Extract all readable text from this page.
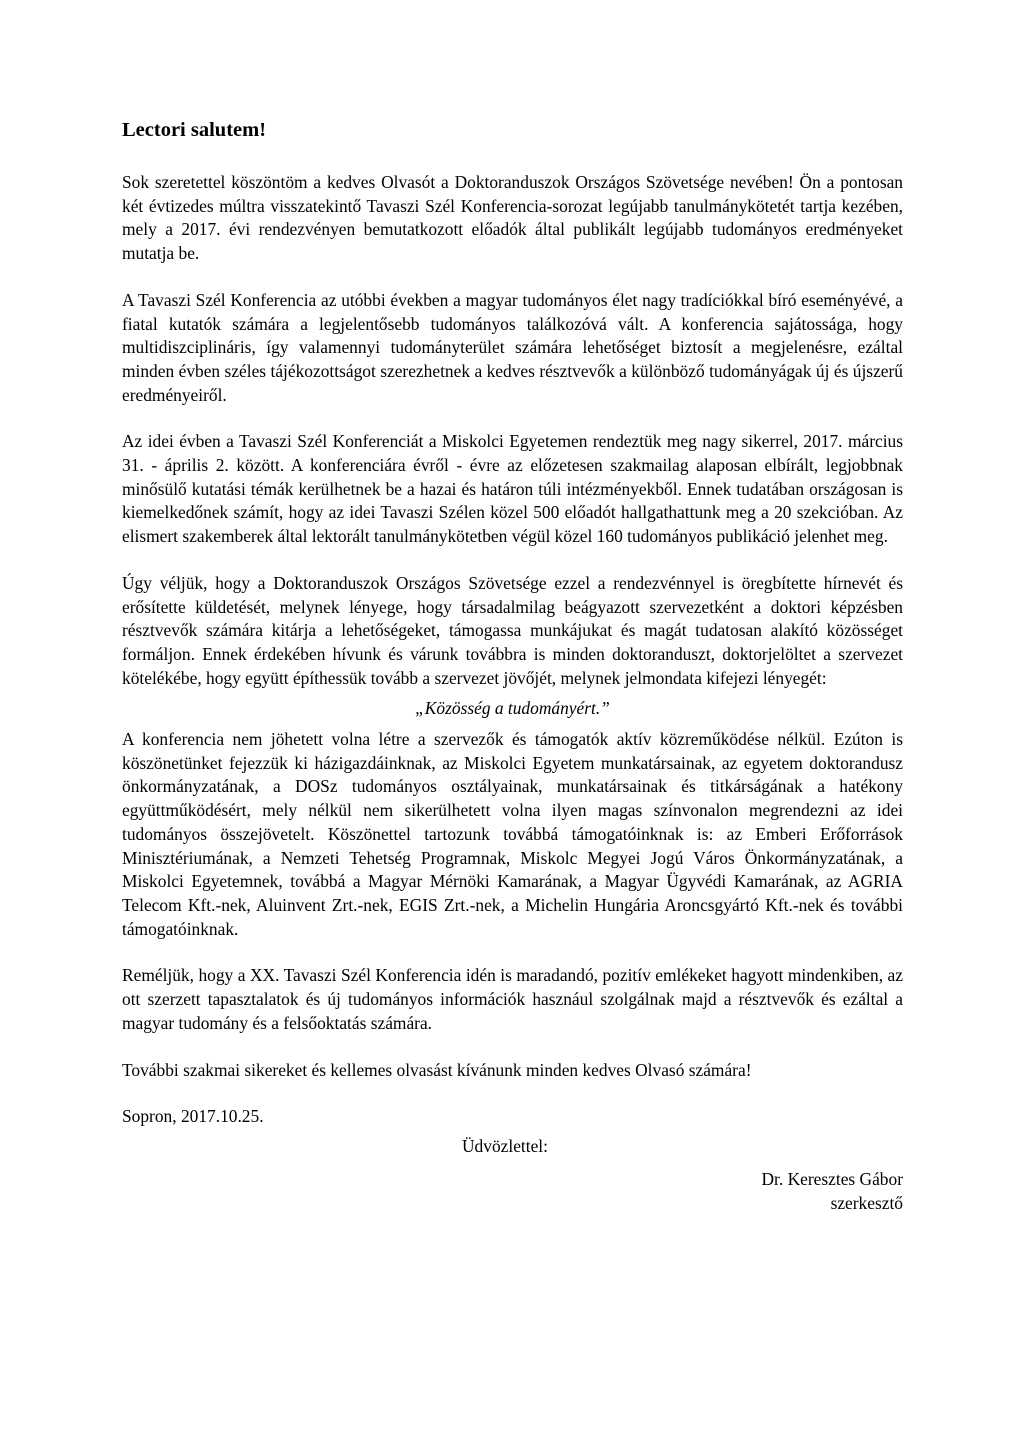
Lectori salutem!

Sok szeretettel köszöntöm a kedves Olvasót a Doktoranduszok Országos Szövetsége nevében! Ön a pontosan két évtizedes múltra visszatekintő Tavaszi Szél Konferencia-sorozat legújabb tanulmánykötetét tartja kezében, mely a 2017. évi rendezvényen bemutatkozott előadók által publikált legújabb tudományos eredményeket mutatja be.

A Tavaszi Szél Konferencia az utóbbi években a magyar tudományos élet nagy tradíciókkal bíró eseményévé, a fiatal kutatók számára a legjelentősebb tudományos találkozóvá vált. A konferencia sajátossága, hogy multidiszciplináris, így valamennyi tudományterület számára lehetőséget biztosít a megjelenésre, ezáltal minden évben széles tájékozottságot szerezhetnek a kedves résztvevők a különböző tudományágak új és újszerű eredményeiről.

Az idei évben a Tavaszi Szél Konferenciát a Miskolci Egyetemen rendeztük meg nagy sikerrel, 2017. március 31. - április 2. között. A konferenciára évről - évre az előzetesen szakmailag alaposan elbírált, legjobbnak minősülő kutatási témák kerülhetnek be a hazai és határon túli intézményekből. Ennek tudatában országosan is kiemelkedőnek számít, hogy az idei Tavaszi Szélen közel 500 előadót hallgathattunk meg a 20 szekcióban. Az elismert szakemberek által lektorált tanulmánykötetben végül közel 160 tudományos publikáció jelenhet meg.

Úgy véljük, hogy a Doktoranduszok Országos Szövetsége ezzel a rendezvénnyel is öregbítette hírnevét és erősítette küldetését, melynek lényege, hogy társadalmilag beágyazott szervezetként a doktori képzésben résztvevők számára kitárja a lehetőségeket, támogassa munkájukat és magát tudatosan alakító közösséget formáljon. Ennek érdekében hívunk és várunk továbbra is minden doktoranduszt, doktorjelöltet a szervezet kötelékébe, hogy együtt építhessük tovább a szervezet jövőjét, melynek jelmondata kifejezi lényegét:

„Közösség a tudományért.”

A konferencia nem jöhetett volna létre a szervezők és támogatók aktív közreműködése nélkül. Ezúton is köszönetünket fejezzük ki házigazdáinknak, az Miskolci Egyetem munkatársainak, az egyetem doktorandusz önkormányzatának, a DOSz tudományos osztályainak, munkatársainak és titkárságának a hatékony együttműködésért, mely nélkül nem sikerülhetett volna ilyen magas színvonalon megrendezni az idei tudományos összejövetelt. Köszönettel tartozunk továbbá támogatóinknak is: az Emberi Erőforrások Minisztériumának, a Nemzeti Tehetség Programnak, Miskolc Megyei Jogú Város Önkormányzatának, a Miskolci Egyetemnek, továbbá a Magyar Mérnöki Kamarának, a Magyar Ügyvédi Kamarának, az AGRIA Telecom Kft.-nek, Aluinvent Zrt.-nek, EGIS Zrt.-nek, a Michelin Hungária Aroncsgyártó Kft.-nek és további támogatóinknak.

Reméljük, hogy a XX. Tavaszi Szél Konferencia idén is maradandó, pozitív emlékeket hagyott mindenkiben, az ott szerzett tapasztalatok és új tudományos információk hasznául szolgálnak majd a résztvevők és ezáltal a magyar tudomány és a felsőoktatás számára.

További szakmai sikereket és kellemes olvasást kívánunk minden kedves Olvasó számára!

Sopron, 2017.10.25.

Üdvözlettel:
Dr. Keresztes Gábor
szerkesztő
